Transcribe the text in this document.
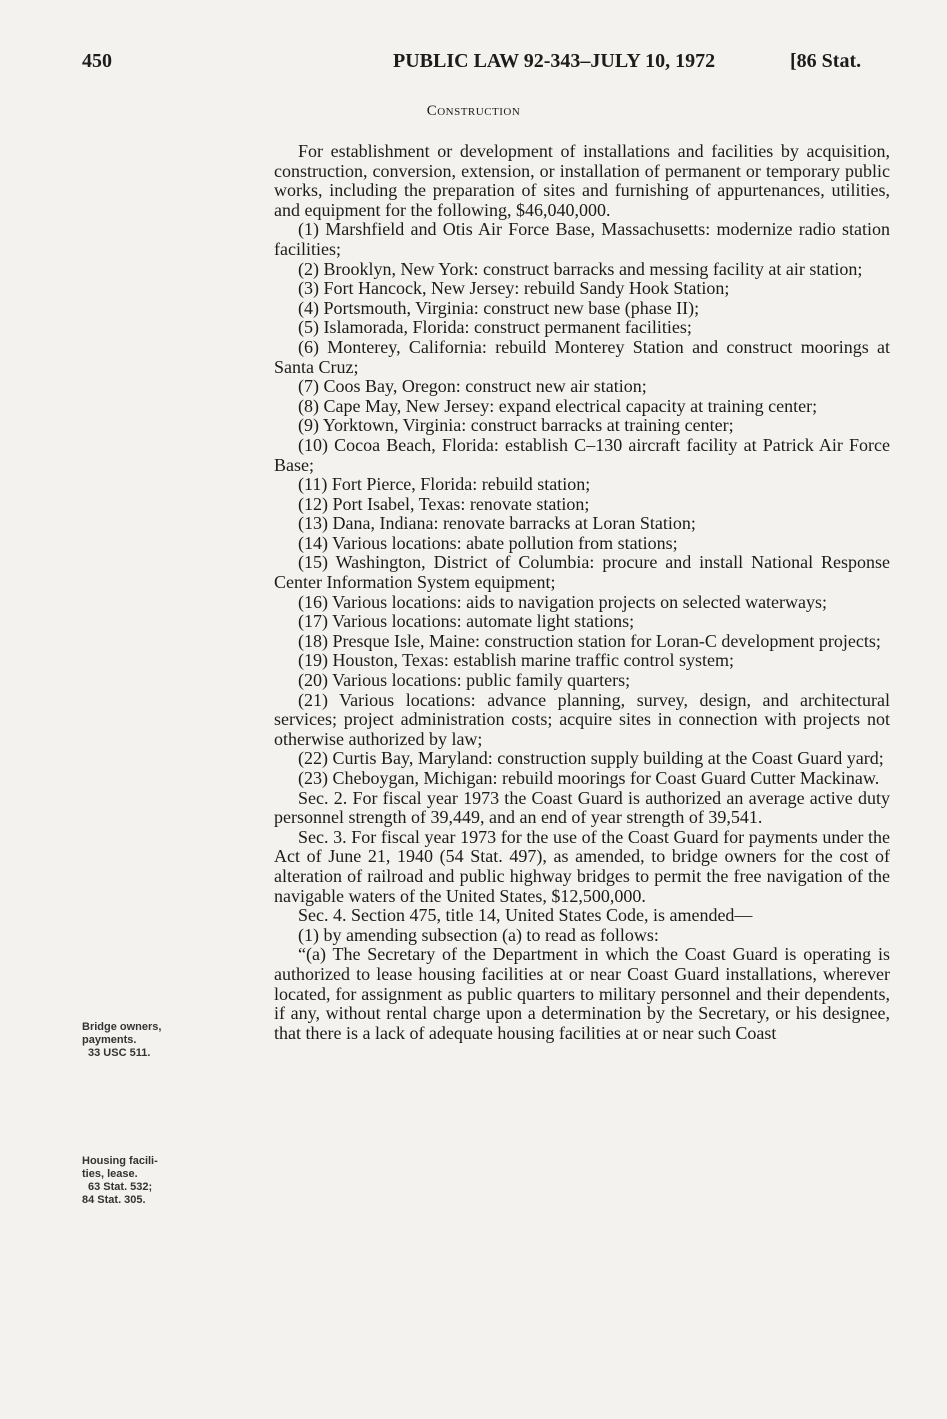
450	PUBLIC LAW 92-343–JULY 10, 1972	[86 Stat.
Construction

For establishment or development of installations and facilities by acquisition, construction, conversion, extension, or installation of permanent or temporary public works, including the preparation of sites and furnishing of appurtenances, utilities, and equipment for the following, $46,040,000.

(1) Marshfield and Otis Air Force Base, Massachusetts: modernize radio station facilities;

(2) Brooklyn, New York: construct barracks and messing facility at air station;

(3) Fort Hancock, New Jersey: rebuild Sandy Hook Station;

(4) Portsmouth, Virginia: construct new base (phase II);

(5) Islamorada, Florida: construct permanent facilities;

(6) Monterey, California: rebuild Monterey Station and construct moorings at Santa Cruz;

(7) Coos Bay, Oregon: construct new air station;

(8) Cape May, New Jersey: expand electrical capacity at training center;

(9) Yorktown, Virginia: construct barracks at training center;

(10) Cocoa Beach, Florida: establish C–130 aircraft facility at Patrick Air Force Base;

(11) Fort Pierce, Florida: rebuild station;

(12) Port Isabel, Texas: renovate station;

(13) Dana, Indiana: renovate barracks at Loran Station;

(14) Various locations: abate pollution from stations;

(15) Washington, District of Columbia: procure and install National Response Center Information System equipment;

(16) Various locations: aids to navigation projects on selected waterways;

(17) Various locations: automate light stations;

(18) Presque Isle, Maine: construction station for Loran-C development projects;

(19) Houston, Texas: establish marine traffic control system;

(20) Various locations: public family quarters;

(21) Various locations: advance planning, survey, design, and architectural services; project administration costs; acquire sites in connection with projects not otherwise authorized by law;

(22) Curtis Bay, Maryland: construction supply building at the Coast Guard yard;

(23) Cheboygan, Michigan: rebuild moorings for Coast Guard Cutter Mackinaw.

Sec. 2. For fiscal year 1973 the Coast Guard is authorized an average active duty personnel strength of 39,449, and an end of year strength of 39,541.

Sec. 3. For fiscal year 1973 for the use of the Coast Guard for payments under the Act of June 21, 1940 (54 Stat. 497), as amended, to bridge owners for the cost of alteration of railroad and public highway bridges to permit the free navigation of the navigable waters of the United States, $12,500,000.

Sec. 4. Section 475, title 14, United States Code, is amended—

(1) by amending subsection (a) to read as follows:

“(a) The Secretary of the Department in which the Coast Guard is operating is authorized to lease housing facilities at or near Coast Guard installations, wherever located, for assignment as public quarters to military personnel and their dependents, if any, without rental charge upon a determination by the Secretary, or his designee, that there is a lack of adequate housing facilities at or near such Coast

Bridge owners,
payments.
33 USC 511.
Housing facili-
ties, lease.
63 Stat. 532;
84 Stat. 305.
